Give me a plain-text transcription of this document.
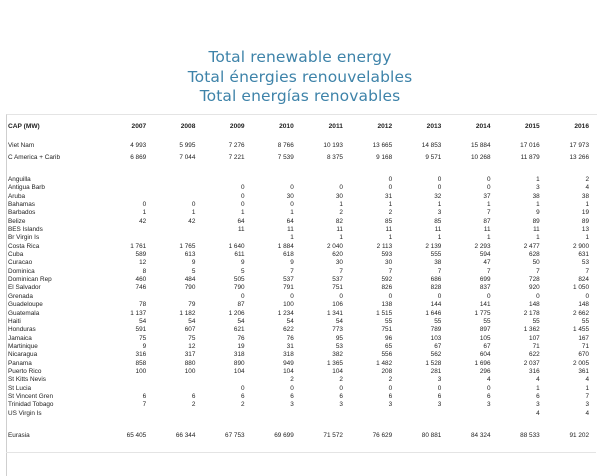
Total renewable energy
Total énergies renouvelables
Total energías renovables
CAP (MW)	2007	2008	2009	2010	2011	2012	2013	2014	2015	2016

Viet Nam	4 993	5 995	7 276	8 766	10 193	13 665	14 853	15 884	17 016	17 973
C America + Carib	6 869	7 044	7 221	7 539	8 375	9 168	9 571	10 268	11 879	13 266

Anguilla						0	0	0	1	2
Antigua Barb			0	0	0	0	0	0	3	4
Aruba			0	30	30	31	32	37	38	38
Bahamas	0	0	0	0	1	1	1	1	1	1
Barbados	1	1	1	1	2	2	3	7	9	19
Belize	42	42	64	64	82	85	85	87	89	89
BES Islands			11	11	11	11	11	11	11	13
Br Virgin Is				1	1	1	1	1	1	1
Costa Rica	1 761	1 765	1 640	1 884	2 040	2 113	2 139	2 293	2 477	2 900
Cuba	589	613	611	618	620	593	555	594	628	631
Curacao	12	9	9	9	30	30	38	47	50	53
Dominica	8	5	5	7	7	7	7	7	7	7
Dominican Rep	460	484	505	537	537	592	686	699	728	824
El Salvador	746	790	790	791	751	826	828	837	920	1 050
Grenada			0	0	0	0	0	0	0	0
Guadeloupe	78	79	87	100	106	138	144	141	148	148
Guatemala	1 137	1 182	1 206	1 234	1 341	1 515	1 646	1 775	2 178	2 662
Haiti	54	54	54	54	54	55	55	55	55	55
Honduras	591	607	621	622	773	751	789	897	1 362	1 455
Jamaica	75	75	76	76	95	96	103	105	107	167
Martinique	9	12	19	31	53	65	67	67	71	71
Nicaragua	316	317	318	318	382	556	562	604	622	670
Panama	858	880	890	949	1 365	1 482	1 528	1 696	2 037	2 005
Puerto Rico	100	100	104	104	104	208	281	296	316	361
St Kitts Nevis				2	2	2	3	4	4	4
St Lucia			0	0	0	0	0	0	1	1
St Vincent Gren	6	6	6	6	6	6	6	6	6	7
Trinidad Tobago	7	2	2	3	3	3	3	3	3	3
US Virgin Is									4	4

Eurasia	65 405	66 344	67 753	69 699	71 572	76 629	80 881	84 324	88 533	91 202
